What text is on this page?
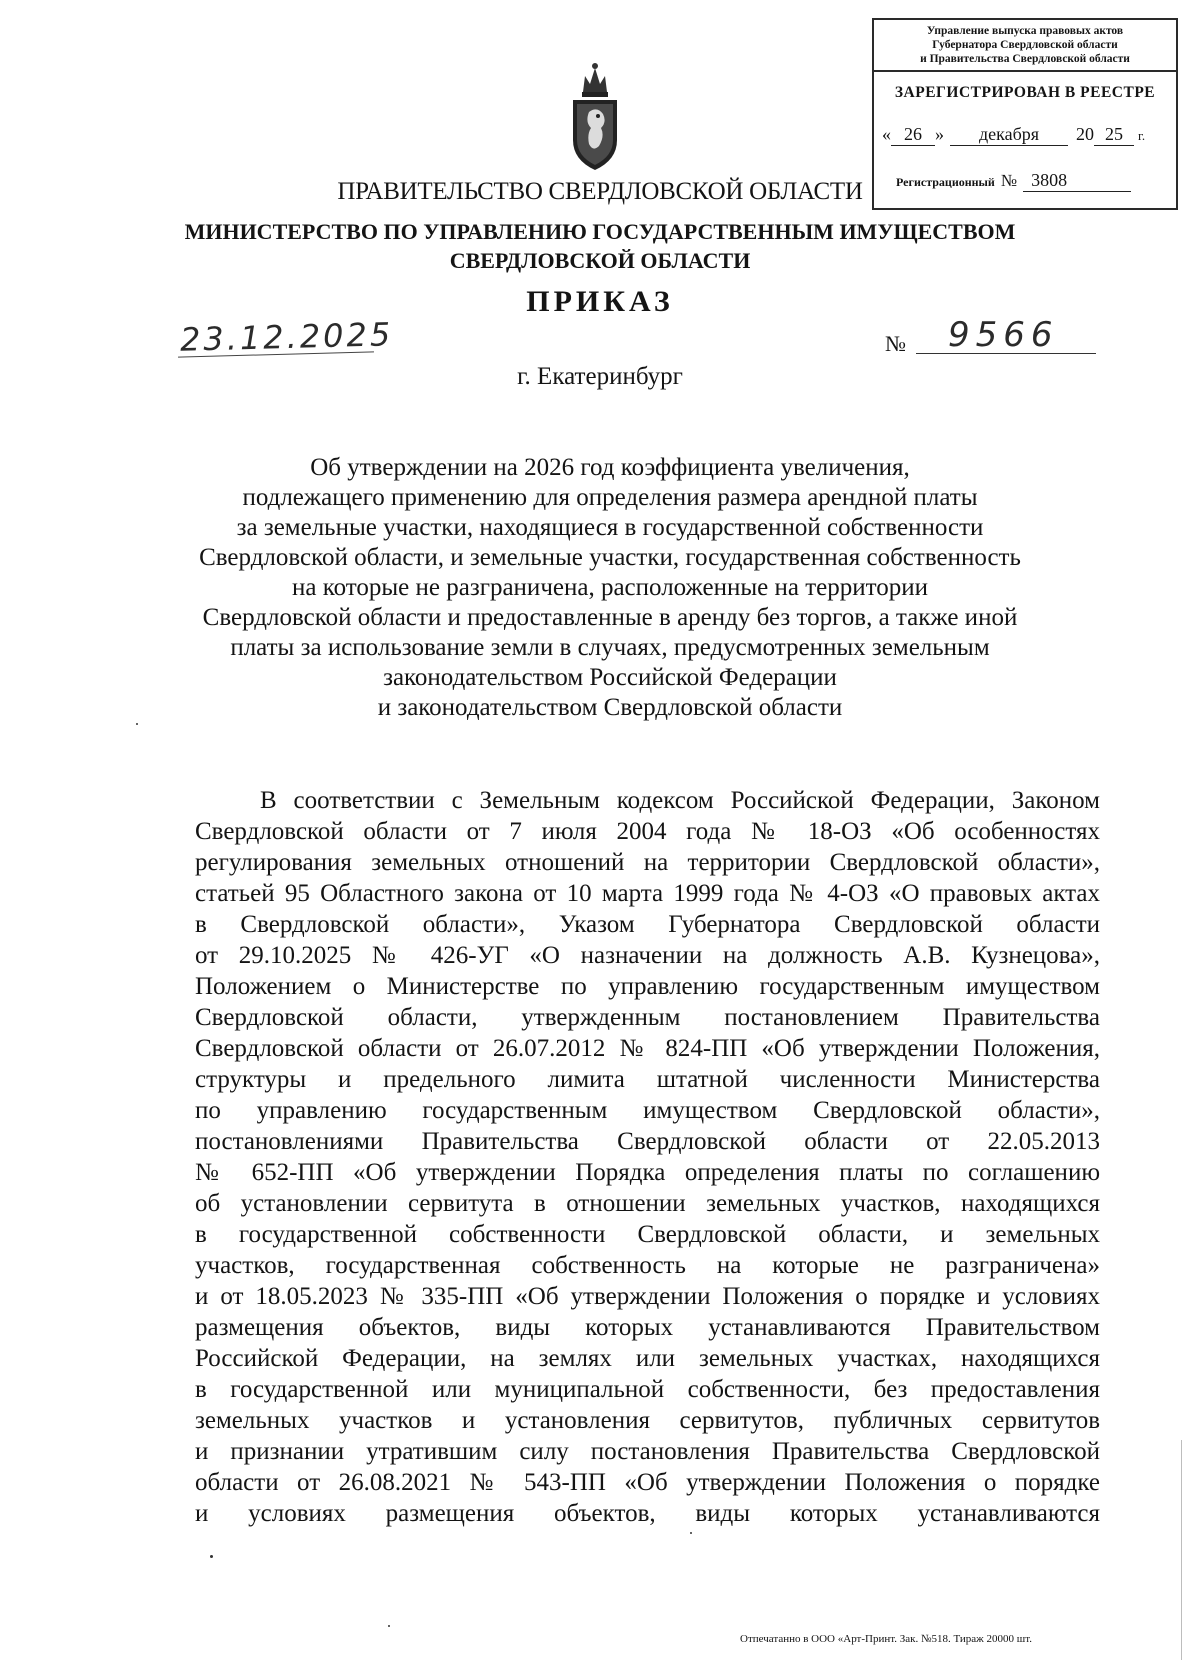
Управление выпуска правовых актов
Губернатора Свердловской области
и Правительства Свердловской области
ЗАРЕГИСТРИРОВАН В РЕЕСТРЕ
« 26 » декабря 20 25 г.
Регистрационный № 3808
ПРАВИТЕЛЬСТВО СВЕРДЛОВСКОЙ ОБЛАСТИ
МИНИСТЕРСТВО ПО УПРАВЛЕНИЮ ГОСУДАРСТВЕННЫМ ИМУЩЕСТВОМ
СВЕРДЛОВСКОЙ ОБЛАСТИ
ПРИКАЗ
23.12.2025	№ 9566
г. Екатеринбург
Об утверждении на 2026 год коэффициента увеличения,
подлежащего применению для определения размера арендной платы
за земельные участки, находящиеся в государственной собственности
Свердловской области, и земельные участки, государственная собственность
на которые не разграничена, расположенные на территории
Свердловской области и предоставленные в аренду без торгов, а также иной
платы за использование земли в случаях, предусмотренных земельным
законодательством Российской Федерации
и законодательством Свердловской области
В соответствии с Земельным кодексом Российской Федерации, Законом
Свердловской области от 7 июля 2004 года № 18-ОЗ «Об особенностях
регулирования земельных отношений на территории Свердловской области»,
статьей 95 Областного закона от 10 марта 1999 года № 4-ОЗ «О правовых актах
в Свердловской области», Указом Губернатора Свердловской области
от 29.10.2025 № 426-УГ «О назначении на должность А.В. Кузнецова»,
Положением о Министерстве по управлению государственным имуществом
Свердловской области, утвержденным постановлением Правительства
Свердловской области от 26.07.2012 № 824-ПП «Об утверждении Положения,
структуры и предельного лимита штатной численности Министерства
по управлению государственным имуществом Свердловской области»,
постановлениями Правительства Свердловской области от 22.05.2013
№ 652-ПП «Об утверждении Порядка определения платы по соглашению
об установлении сервитута в отношении земельных участков, находящихся
в государственной собственности Свердловской области, и земельных
участков, государственная собственность на которые не разграничена»
и от 18.05.2023 № 335-ПП «Об утверждении Положения о порядке и условиях
размещения объектов, виды которых устанавливаются Правительством
Российской Федерации, на землях или земельных участках, находящихся
в государственной или муниципальной собственности, без предоставления
земельных участков и установления сервитутов, публичных сервитутов
и признании утратившим силу постановления Правительства Свердловской
области от 26.08.2021 № 543-ПП «Об утверждении Положения о порядке
и условиях размещения объектов, виды которых устанавливаются
Отпечатанно в ООО «Арт-Принт. Зак. №518. Тираж 20000 шт.
